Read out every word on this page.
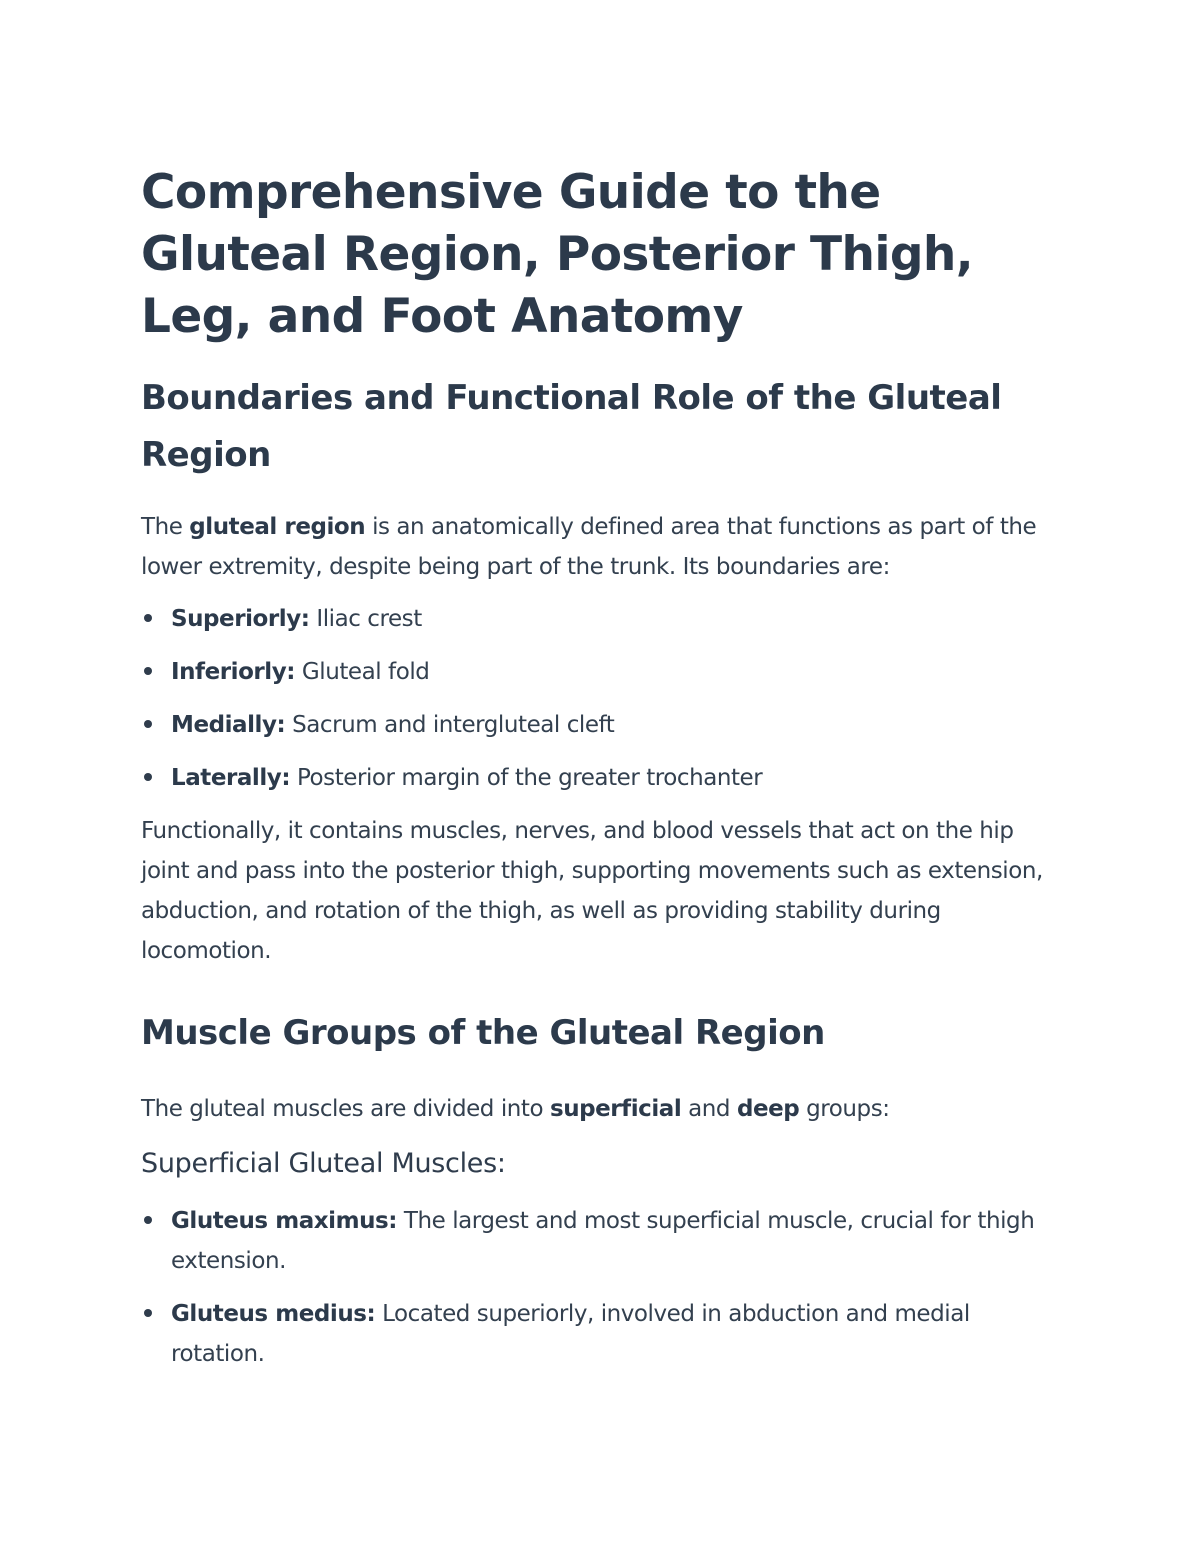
Comprehensive Guide to the Gluteal Region, Posterior Thigh, Leg, and Foot Anatomy
Boundaries and Functional Role of the Gluteal Region

The gluteal region is an anatomically defined area that functions as part of the lower extremity, despite being part of the trunk. Its boundaries are:

Superiorly: Iliac crest
Inferiorly: Gluteal fold
Medially: Sacrum and intergluteal cleft
Laterally: Posterior margin of the greater trochanter

Functionally, it contains muscles, nerves, and blood vessels that act on the hip joint and pass into the posterior thigh, supporting movements such as extension, abduction, and rotation of the thigh, as well as providing stability during locomotion.

Muscle Groups of the Gluteal Region

The gluteal muscles are divided into superficial and deep groups:

Superficial Gluteal Muscles:
Gluteus maximus: The largest and most superficial muscle, crucial for thigh extension.
Gluteus medius: Located superiorly, involved in abduction and medial rotation.
